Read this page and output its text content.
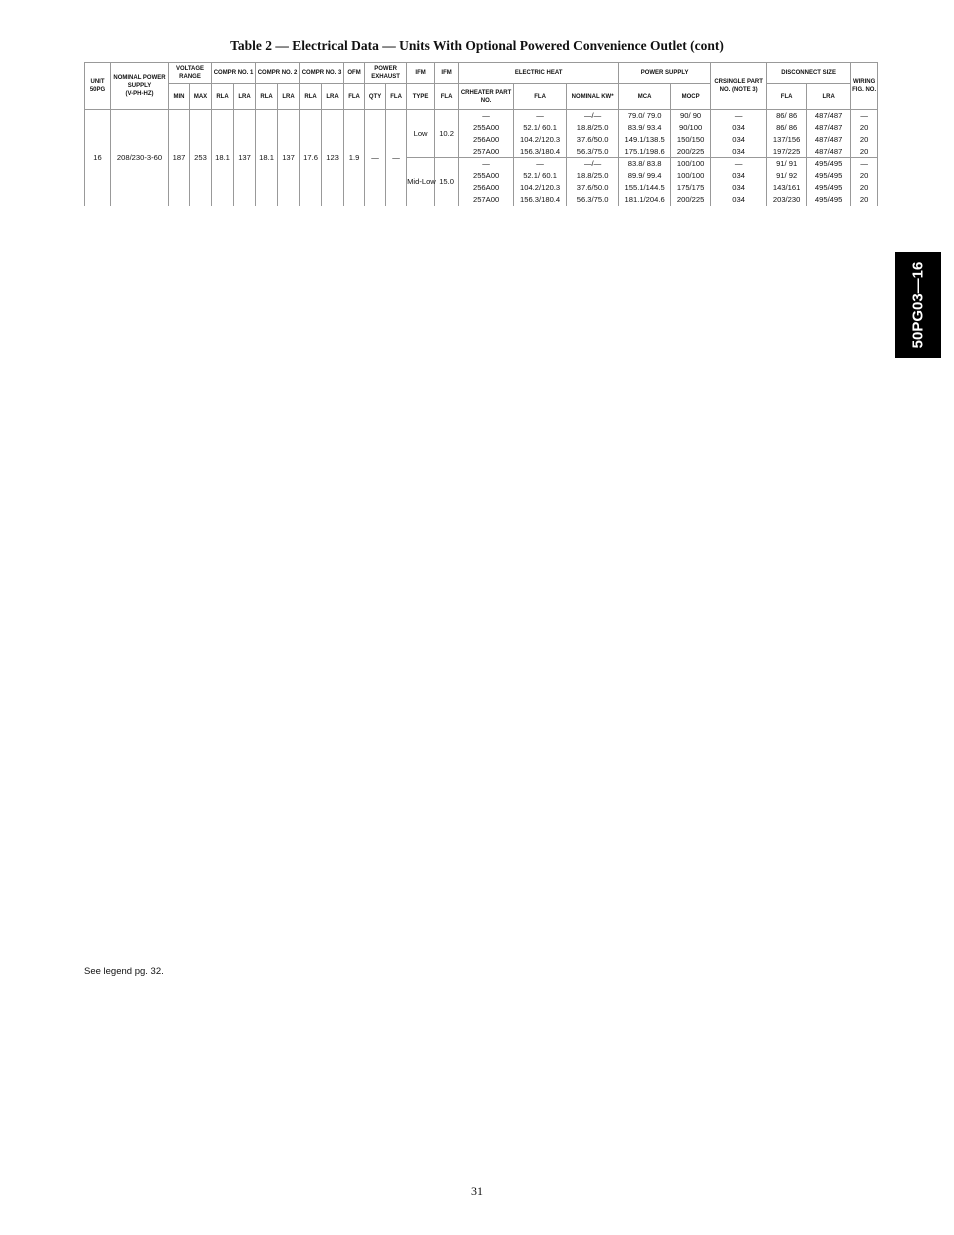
Table 2 — Electrical Data — Units With Optional Powered Convenience Outlet (cont)
UNIT 50PG	NOMINAL POWER SUPPLY
(V-PH-HZ)	VOLTAGE RANGE		COMPR NO. 1		COMPR NO. 2		COMPR NO. 3		OFM	POWER EXHAUST		IFM	IFM	ELECTRIC HEAT			POWER SUPPLY		CRSINGLE PART NO. (NOTE 3)	DISCONNECT SIZE		WIRING FIG. NO.
		MIN	MAX	RLA	LRA	RLA	LRA	RLA	LRA	FLA	QTY	FLA	TYPE	FLA	CRHEATER PART NO.	FLA	NOMINAL KW*	MCA	MOCP		FLA	LRA	
16	208/230-3-60	187	253	18.1	137	18.1	137	17.6	123	1.9	—	—	Low	10.2	—	—	—/—	79.0/ 79.0	90/ 90	—	86/ 86	487/487	—
															255A00	52.1/ 60.1	18.8/25.0	83.9/ 93.4	90/100	034	86/ 86	487/487	20
															256A00	104.2/120.3	37.6/50.0	149.1/138.5	150/150	034	137/156	487/487	20
															257A00	156.3/180.4	56.3/75.0	175.1/198.6	200/225	034	197/225	487/487	20
													Mid-Low	15.0	—	—	—/—	83.8/ 83.8	100/100	—	91/ 91	495/495	—
															255A00	52.1/ 60.1	18.8/25.0	89.9/ 99.4	100/100	034	91/ 92	495/495	20
															256A00	104.2/120.3	37.6/50.0	155.1/144.5	175/175	034	143/161	495/495	20
															257A00	156.3/180.4	56.3/75.0	181.1/204.6	200/225	034	203/230	495/495	20
See legend pg. 32.
31
50PG03—16
